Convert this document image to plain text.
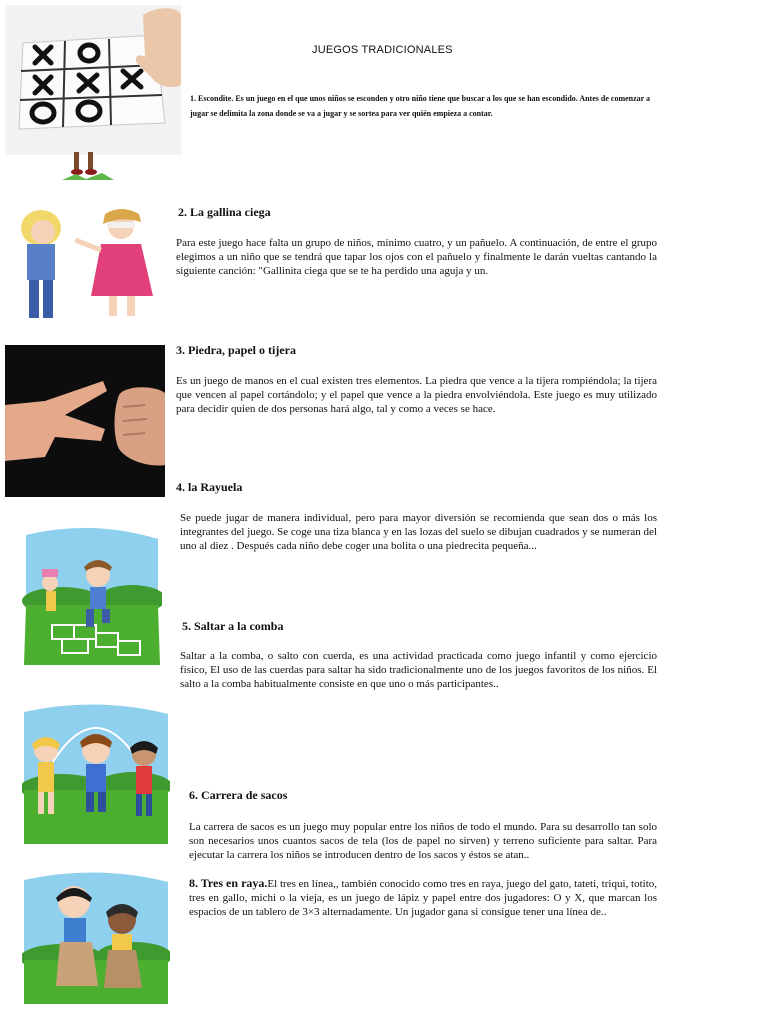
JUEGOS TRADICIONALES
1. Escondite. Es un juego en el que unos niños se esconden y otro niño tiene que buscar a los que se han escondido. Antes de comenzar a jugar se delimita la zona donde se va a jugar y se sortea para ver quién empieza a contar.
2. La gallina ciega
Para este juego hace falta un grupo de niños, mínimo cuatro, y un pañuelo. A continuación, de entre el grupo elegimos a un niño que se tendrá que tapar los ojos con el pañuelo y finalmente le darán vueltas cantando la siguiente canción: "Gallinita ciega que se te ha perdido una aguja y un.
3. Piedra, papel o tijera
Es un juego de manos en el cual existen tres elementos. La piedra que vence a la tijera rompiéndola; la tijera que vencen al papel cortándolo; y el papel que vence a la piedra envolviéndola. Este juego es muy utilizado para decidir quien de dos personas hará algo, tal y como a veces se hace.
4. la Rayuela
Se puede jugar de manera individual, pero para mayor diversión se recomienda que sean dos o más los integrantes del juego. Se coge una tiza blanca y en las lozas del suelo se dibujan cuadrados y se numeran del uno al diez . Después cada niño debe coger una bolita o una piedrecita pequeña...
5. Saltar a la comba
Saltar a la comba, o salto con cuerda, es una actividad practicada como juego infantil y como ejercicio físico, El uso de las cuerdas para saltar ha sido tradicionalmente uno de los juegos favoritos de los niños. El salto a la comba habitualmente consiste en que uno o más participantes..
6. Carrera de sacos
La carrera de sacos es un juego muy popular entre los niños de todo el mundo. Para su desarrollo tan solo son necesarios unos cuantos sacos de tela (los de papel no sirven) y terreno suficiente para saltar. Para ejecutar la carrera los niños se introducen dentro de los sacos y éstos se atan..
8. Tres en raya.El tres en línea,, también conocido como tres en raya, juego del gato, tateti, triqui, totito, tres en gallo, michi o la vieja, es un juego de lápiz y papel entre dos jugadores: O y X, que marcan los espacios de un tablero de 3×3 alternadamente. Un jugador gana si consigue tener una línea de..
